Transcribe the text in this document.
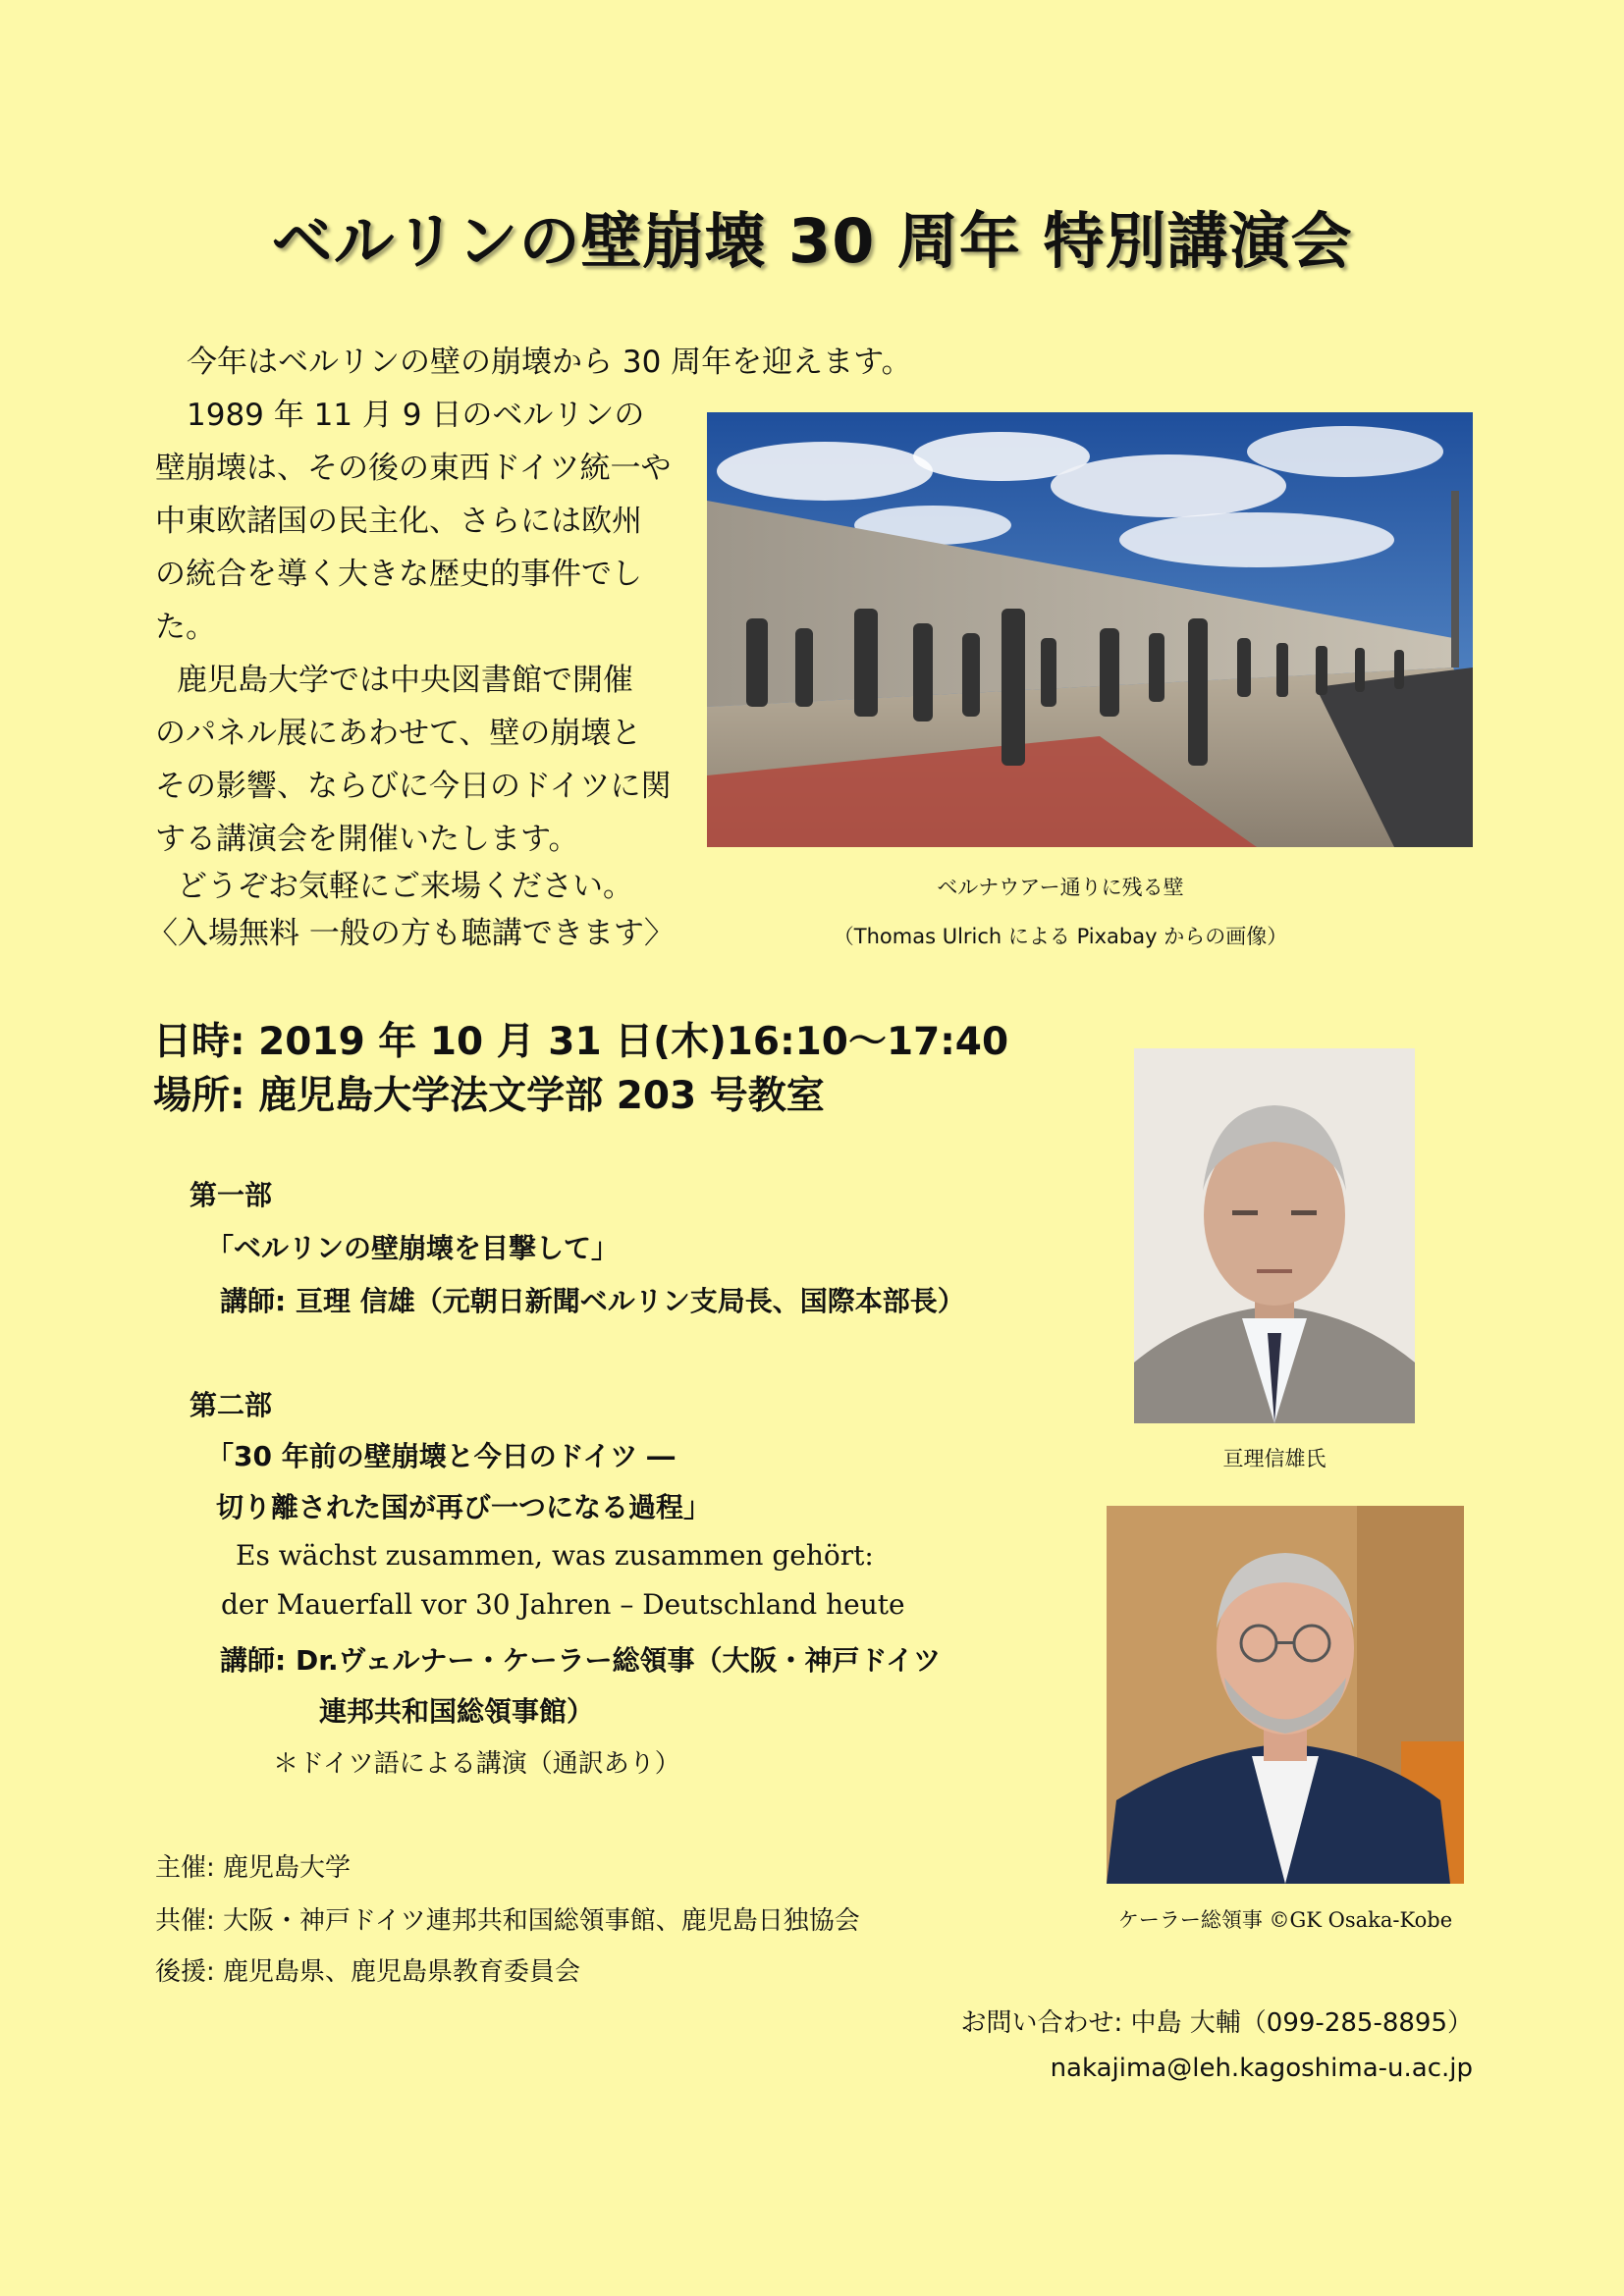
ベルリンの壁崩壊 30 周年 特別講演会
今年はベルリンの壁の崩壊から 30 周年を迎えます。
1989 年 11 月 9 日のベルリンの
壁崩壊は、その後の東西ドイツ統一や
中東欧諸国の民主化、さらには欧州
の統合を導く大きな歴史的事件でし
た。
鹿児島大学では中央図書館で開催
のパネル展にあわせて、壁の崩壊と
その影響、ならびに今日のドイツに関
する講演会を開催いたします。
どうぞお気軽にご来場ください。
〈入場無料 一般の方も聴講できます〉
ベルナウアー通りに残る壁
（Thomas Ulrich による Pixabay からの画像）
日時: 2019 年 10 月 31 日(木)16:10～17:40
場所: 鹿児島大学法文学部 203 号教室
亘理信雄氏
第一部
「ベルリンの壁崩壊を目撃して」
講師: 亘理 信雄（元朝日新聞ベルリン支局長、国際本部長）
第二部
「30 年前の壁崩壊と今日のドイツ ―
切り離された国が再び一つになる過程」
Es wächst zusammen, was zusammen gehört:
der Mauerfall vor 30 Jahren – Deutschland heute
講師: Dr.ヴェルナー・ケーラー総領事（大阪・神戸ドイツ
連邦共和国総領事館）
＊ドイツ語による講演（通訳あり）
ケーラー総領事 ©GK Osaka-Kobe
主催: 鹿児島大学
共催: 大阪・神戸ドイツ連邦共和国総領事館、鹿児島日独協会
後援: 鹿児島県、鹿児島県教育委員会
お問い合わせ: 中島 大輔（099-285-8895）
nakajima@leh.kagoshima-u.ac.jp
